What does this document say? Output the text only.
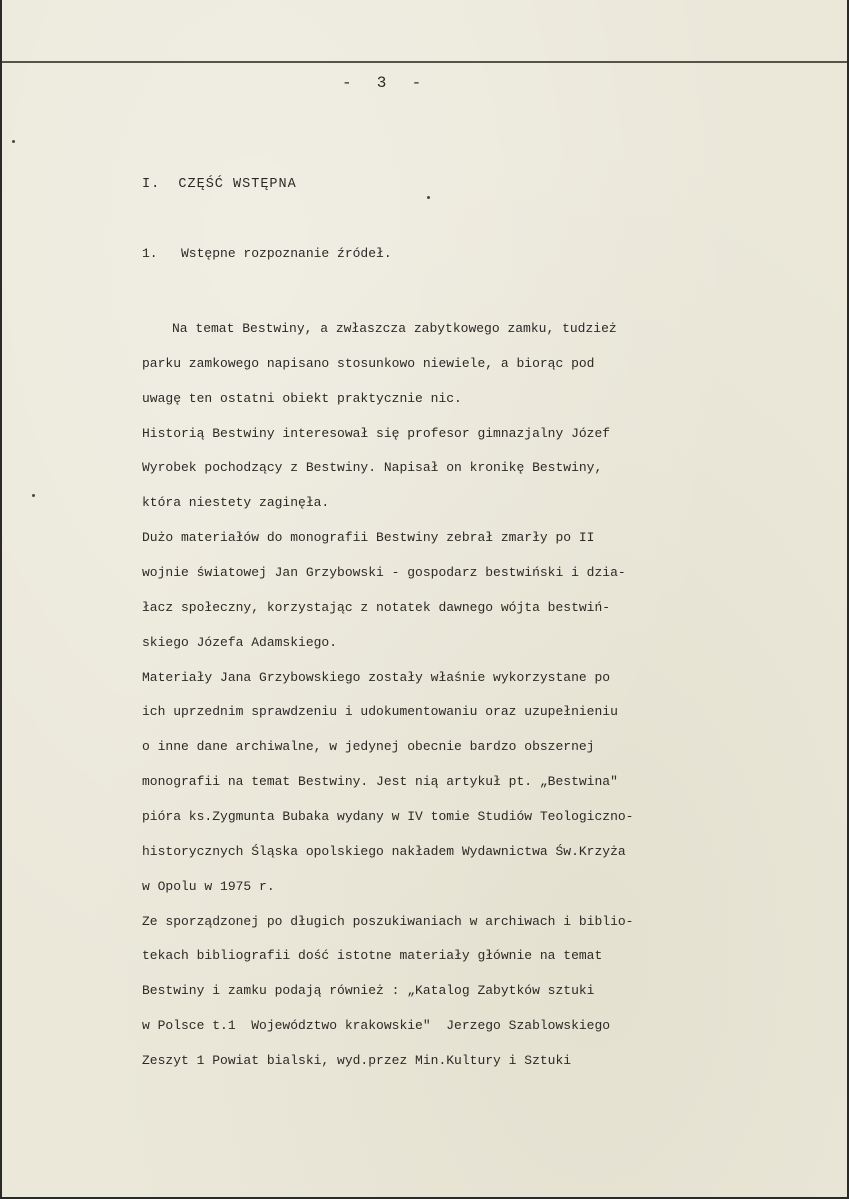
-  3  -
I.  CZĘŚĆ WSTĘPNA
1.   Wstępne rozpoznanie źródeł.
Na temat Bestwiny, a zwłaszcza zabytkowego zamku, tudzież
parku zamkowego napisano stosunkowo niewiele, a biorąc pod
uwagę ten ostatni obiekt praktycznie nic.
Historią Bestwiny interesował się profesor gimnazjalny Józef
Wyrobek pochodzący z Bestwiny. Napisał on kronikę Bestwiny,
która niestety zaginęła.
Dużo materiałów do monografii Bestwiny zebrał zmarły po II
wojnie światowej Jan Grzybowski - gospodarz bestwiński i dzia-
łacz społeczny, korzystając z notatek dawnego wójta bestwiń-
skiego Józefa Adamskiego.
Materiały Jana Grzybowskiego zostały właśnie wykorzystane po
ich uprzednim sprawdzeniu i udokumentowaniu oraz uzupełnieniu
o inne dane archiwalne, w jedynej obecnie bardzo obszernej
monografii na temat Bestwiny. Jest nią artykuł pt. „Bestwina"
pióra ks.Zygmunta Bubaka wydany w IV tomie Studiów Teologiczno-
historycznych Śląska opolskiego nakładem Wydawnictwa Św.Krzyża
w Opolu w 1975 r.
Ze sporządzonej po długich poszukiwaniach w archiwach i biblio-
tekach bibliografii dość istotne materiały głównie na temat
Bestwiny i zamku podają również : „Katalog Zabytków sztuki
w Polsce t.1  Województwo krakowskie"  Jerzego Szablowskiego
Zeszyt 1 Powiat bialski, wyd.przez Min.Kultury i Sztuki
